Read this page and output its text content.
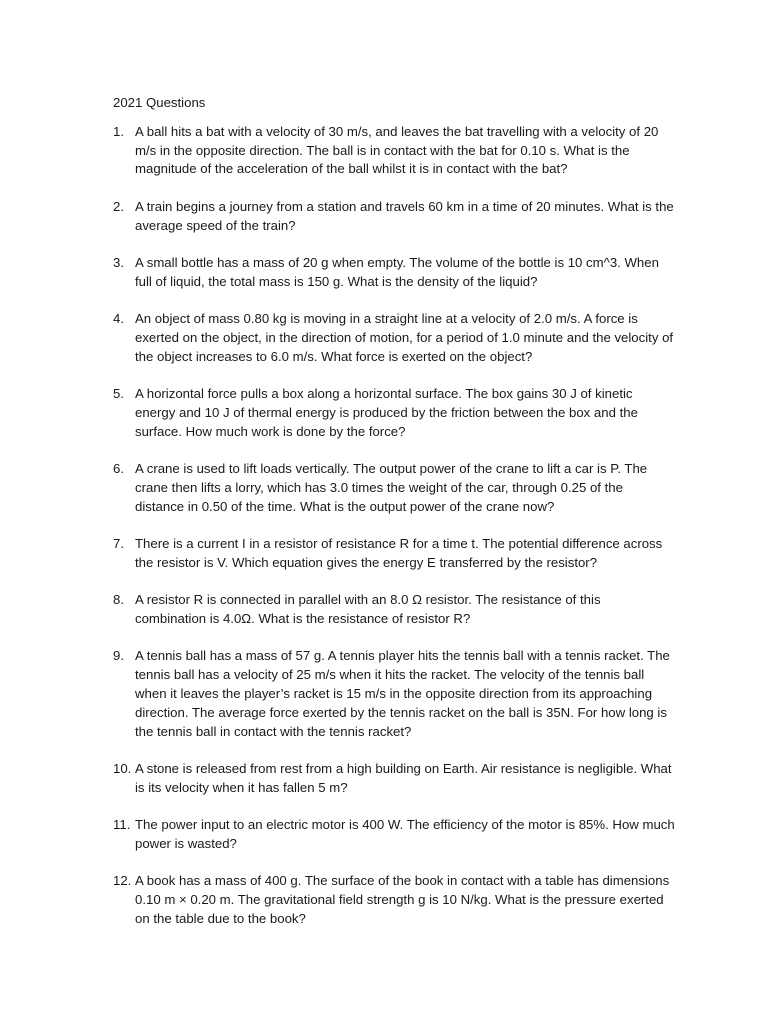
2021 Questions
1. A ball hits a bat with a velocity of 30 m/s, and leaves the bat travelling with a velocity of 20 m/s in the opposite direction. The ball is in contact with the bat for 0.10 s. What is the magnitude of the acceleration of the ball whilst it is in contact with the bat?
2. A train begins a journey from a station and travels 60 km in a time of 20 minutes. What is the average speed of the train?
3. A small bottle has a mass of 20 g when empty. The volume of the bottle is 10 cm^3. When full of liquid, the total mass is 150 g. What is the density of the liquid?
4. An object of mass 0.80 kg is moving in a straight line at a velocity of 2.0 m/s. A force is exerted on the object, in the direction of motion, for a period of 1.0 minute and the velocity of the object increases to 6.0 m/s. What force is exerted on the object?
5. A horizontal force pulls a box along a horizontal surface. The box gains 30 J of kinetic energy and 10 J of thermal energy is produced by the friction between the box and the surface. How much work is done by the force?
6. A crane is used to lift loads vertically. The output power of the crane to lift a car is P. The crane then lifts a lorry, which has 3.0 times the weight of the car, through 0.25 of the distance in 0.50 of the time. What is the output power of the crane now?
7. There is a current I in a resistor of resistance R for a time t. The potential difference across the resistor is V. Which equation gives the energy E transferred by the resistor?
8. A resistor R is connected in parallel with an 8.0 Ω resistor. The resistance of this combination is 4.0Ω. What is the resistance of resistor R?
9. A tennis ball has a mass of 57 g. A tennis player hits the tennis ball with a tennis racket. The tennis ball has a velocity of 25 m/s when it hits the racket. The velocity of the tennis ball when it leaves the player’s racket is 15 m/s in the opposite direction from its approaching direction. The average force exerted by the tennis racket on the ball is 35N. For how long is the tennis ball in contact with the tennis racket?
10. A stone is released from rest from a high building on Earth. Air resistance is negligible. What is its velocity when it has fallen 5 m?
11. The power input to an electric motor is 400 W. The efficiency of the motor is 85%. How much power is wasted?
12. A book has a mass of 400 g. The surface of the book in contact with a table has dimensions 0.10 m × 0.20 m. The gravitational field strength g is 10 N/kg. What is the pressure exerted on the table due to the book?
